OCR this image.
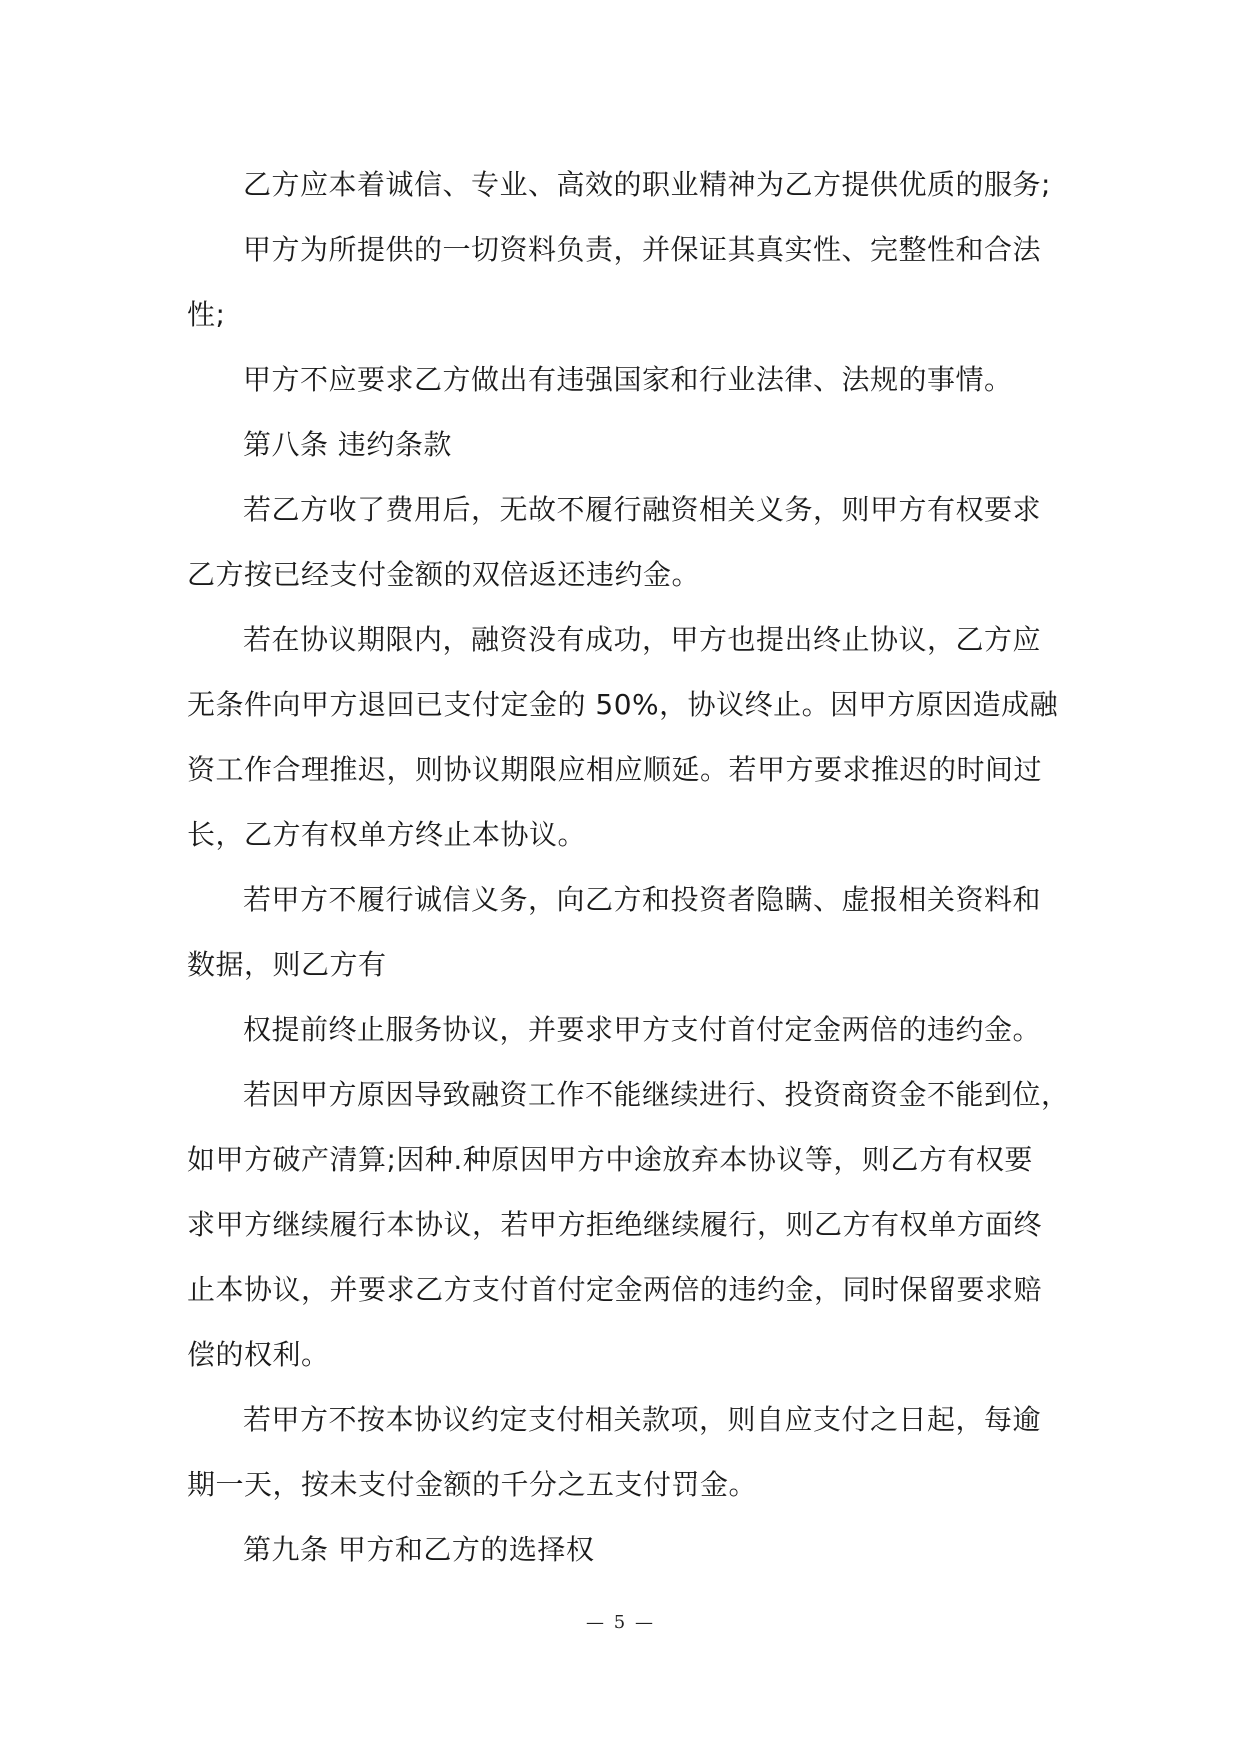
乙方应本着诚信、专业、高效的职业精神为乙方提供优质的服务;
甲方为所提供的一切资料负责，并保证其真实性、完整性和合法
性;
甲方不应要求乙方做出有违强国家和行业法律、法规的事情。
第八条 违约条款
若乙方收了费用后，无故不履行融资相关义务，则甲方有权要求
乙方按已经支付金额的双倍返还违约金。
若在协议期限内，融资没有成功，甲方也提出终止协议，乙方应
无条件向甲方退回已支付定金的 50%，协议终止。因甲方原因造成融
资工作合理推迟，则协议期限应相应顺延。若甲方要求推迟的时间过
长，乙方有权单方终止本协议。
若甲方不履行诚信义务，向乙方和投资者隐瞒、虚报相关资料和
数据，则乙方有
权提前终止服务协议，并要求甲方支付首付定金两倍的违约金。
若因甲方原因导致融资工作不能继续进行、投资商资金不能到位，
如甲方破产清算;因种.种原因甲方中途放弃本协议等，则乙方有权要
求甲方继续履行本协议，若甲方拒绝继续履行，则乙方有权单方面终
止本协议，并要求乙方支付首付定金两倍的违约金，同时保留要求赔
偿的权利。
若甲方不按本协议约定支付相关款项，则自应支付之日起，每逾
期一天，按未支付金额的千分之五支付罚金。
第九条 甲方和乙方的选择权
— 5 —
